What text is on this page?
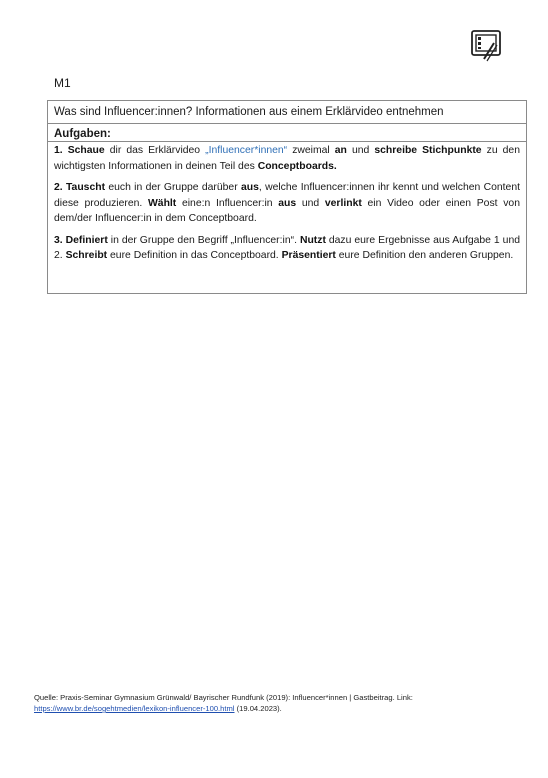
M1
Was sind Influencer:innen? Informationen aus einem Erklärvideo entnehmen
Aufgaben:
1. Schaue dir das Erklärvideo „Influencer*innen“ zweimal an und schreibe Stichpunkte zu den wichtigsten Informationen in deinen Teil des Conceptboards.
2. Tauscht euch in der Gruppe darüber aus, welche Influencer:innen ihr kennt und welchen Content diese produzieren. Wählt eine:n Influencer:in aus und verlinkt ein Video oder einen Post von dem/der Influencer:in in dem Conceptboard.
3. Definiert in der Gruppe den Begriff „Influencer:in“. Nutzt dazu eure Ergebnisse aus Aufgabe 1 und 2. Schreibt eure Definition in das Conceptboard. Präsentiert eure Definition den anderen Gruppen.
Quelle: Praxis-Seminar Gymnasium Grünwald/ Bayrischer Rundfunk (2019): Influencer*innen | Gastbeitrag. Link:
https://www.br.de/sogehtmedien/lexikon-influencer-100.html (19.04.2023).
